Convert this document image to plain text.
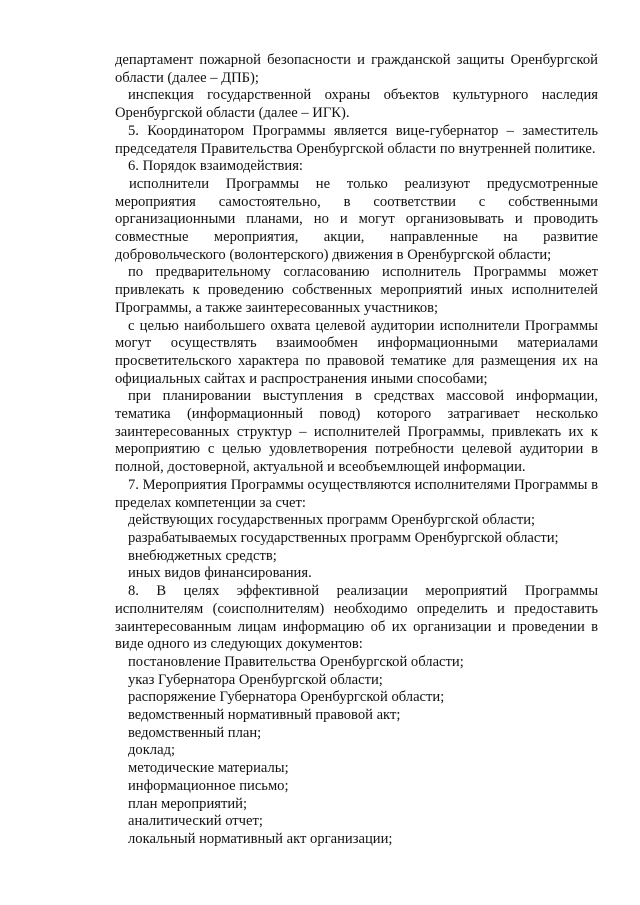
департамент пожарной безопасности и гражданской защиты Оренбургской области (далее – ДПБ);

инспекция государственной охраны объектов культурного наследия Оренбургской области (далее – ИГК).

5. Координатором Программы является вице-губернатор – заместитель председателя Правительства Оренбургской области по внутренней политике.

6. Порядок взаимодействия:

исполнители Программы не только реализуют предусмотренные мероприятия самостоятельно, в соответствии с собственными организационными планами, но и могут организовывать и проводить совместные мероприятия, акции, направленные на развитие добровольческого (волонтерского) движения в Оренбургской области;

по предварительному согласованию исполнитель Программы может привлекать к проведению собственных мероприятий иных исполнителей Программы, а также заинтересованных участников;

с целью наибольшего охвата целевой аудитории исполнители Программы могут осуществлять взаимообмен информационными материалами просветительского характера по правовой тематике для размещения их на официальных сайтах и распространения иными способами;

при планировании выступления в средствах массовой информации, тематика (информационный повод) которого затрагивает несколько заинтересованных структур – исполнителей Программы, привлекать их к мероприятию с целью удовлетворения потребности целевой аудитории в полной, достоверной, актуальной и всеобъемлющей информации.

7. Мероприятия Программы осуществляются исполнителями Программы в пределах компетенции за счет:

действующих государственных программ Оренбургской области;

разрабатываемых государственных программ Оренбургской области;

внебюджетных средств;

иных видов финансирования.

8. В целях эффективной реализации мероприятий Программы исполнителям (соисполнителям) необходимо определить и предоставить заинтересованным лицам информацию об их организации и проведении в виде одного из следующих документов:

постановление Правительства Оренбургской области;

указ Губернатора Оренбургской области;

распоряжение Губернатора Оренбургской области;

ведомственный нормативный правовой акт;

ведомственный план;

доклад;

методические материалы;

информационное письмо;

план мероприятий;

аналитический отчет;

локальный нормативный акт организации;
